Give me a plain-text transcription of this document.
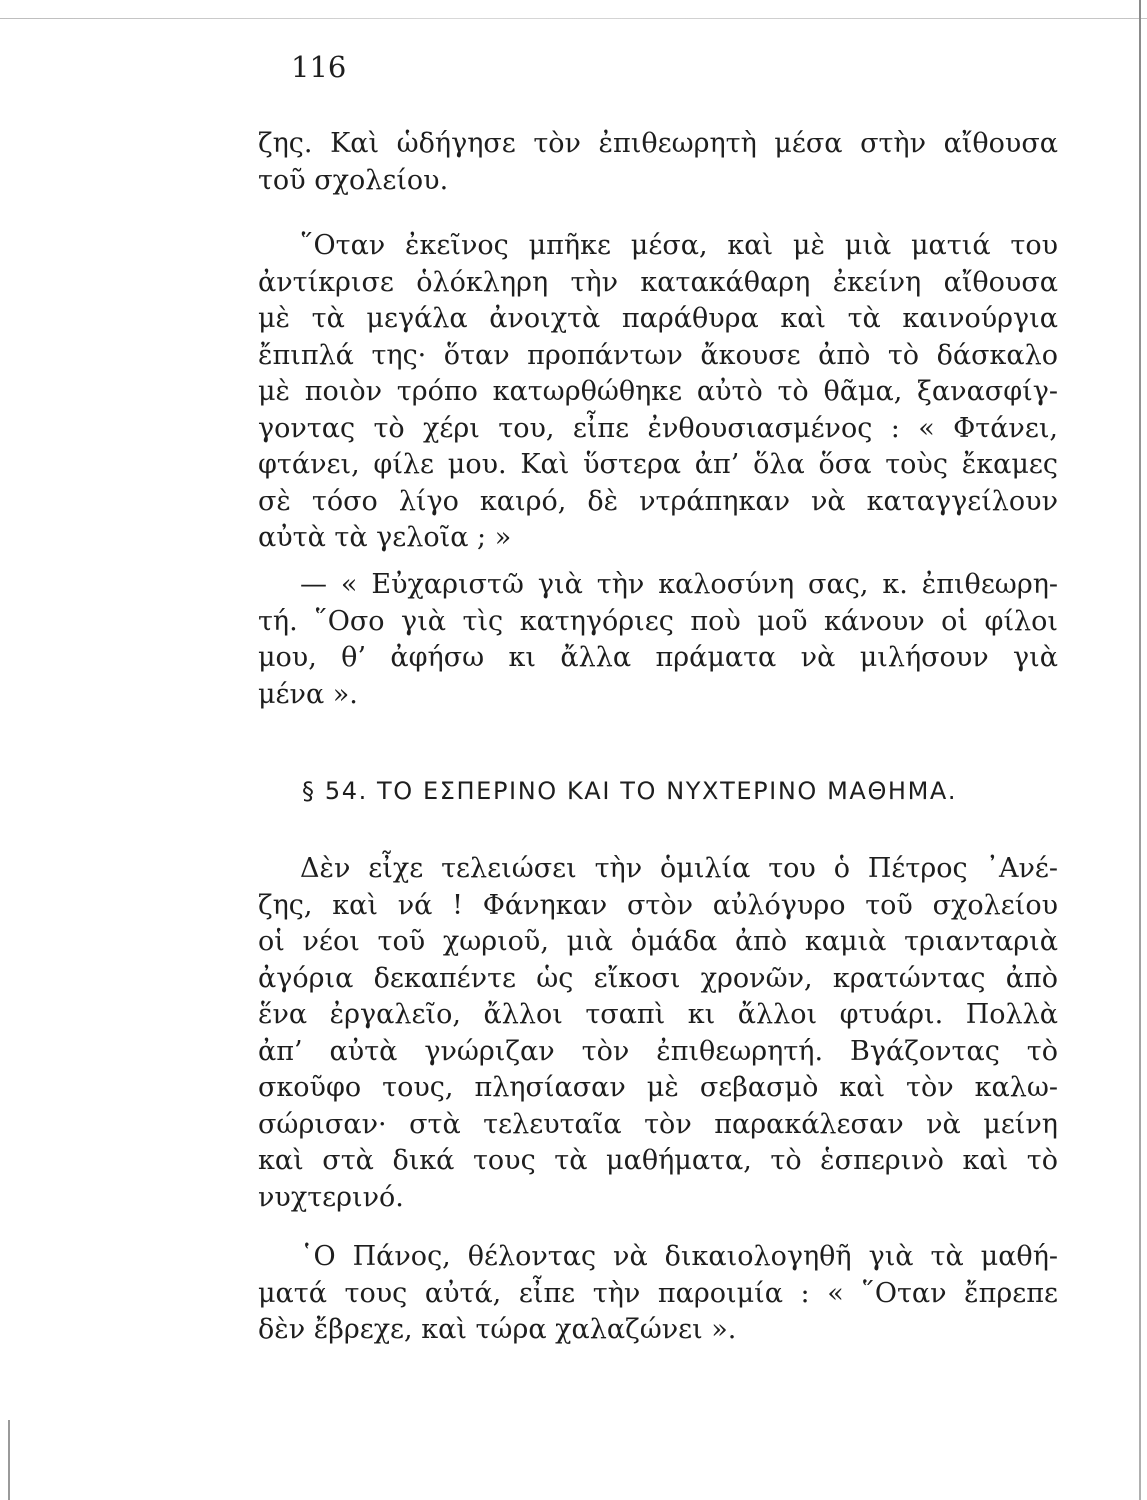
116
ζης. Καὶ ὡδήγησε τὸν ἐπιθεωρητὴ μέσα στὴν αἴθουσα
τοῦ σχολείου.
῞Οταν ἐκεῖνος μπῆκε μέσα, καὶ μὲ μιὰ ματιά του
ἀντίκρισε ὁλόκληρη τὴν κατακάθαρη ἐκείνη αἴθουσα
μὲ τὰ μεγάλα ἀνοιχτὰ παράθυρα καὶ τὰ καινούργια
ἔπιπλά της· ὅταν προπάντων ἄκουσε ἀπὸ τὸ δάσκαλο
μὲ ποιὸν τρόπο κατωρθώθηκε αὐτὸ τὸ θᾶμα, ξανασφίγ-
γοντας τὸ χέρι του, εἶπε ἐνθουσιασμένος : « Φτάνει,
φτάνει, φίλε μου. Καὶ ὕστερα ἀπ’ ὅλα ὅσα τοὺς ἔκαμες
σὲ τόσο λίγο καιρό, δὲ ντράπηκαν νὰ καταγγείλουν
αὐτὰ τὰ γελοῖα ; »
— « Εὐχαριστῶ γιὰ τὴν καλοσύνη σας, κ. ἐπιθεωρη-
τή. ῞Οσο γιὰ τὶς κατηγόριες ποὺ μοῦ κάνουν οἱ φίλοι
μου, θ’ ἀφήσω κι ἄλλα πράματα νὰ μιλήσουν γιὰ
μένα ».
§ 54. ΤΟ ΕΣΠΕΡΙΝΟ ΚΑΙ ΤΟ ΝΥΧΤΕΡΙΝΟ ΜΑΘΗΜΑ.
Δὲν εἶχε τελειώσει τὴν ὁμιλία του ὁ Πέτρος ᾿Ανέ-
ζης, καὶ νά ! Φάνηκαν στὸν αὐλόγυρο τοῦ σχολείου
οἱ νέοι τοῦ χωριοῦ, μιὰ ὁμάδα ἀπὸ καμιὰ τριανταριὰ
ἀγόρια δεκαπέντε ὡς εἴκοσι χρονῶν, κρατώντας ἀπὸ
ἕνα ἐργαλεῖο, ἄλλοι τσαπὶ κι ἄλλοι φτυάρι. Πολλὰ
ἀπ’ αὐτὰ γνώριζαν τὸν ἐπιθεωρητή. Βγάζοντας τὸ
σκοῦφο τους, πλησίασαν μὲ σεβασμὸ καὶ τὸν καλω-
σώρισαν· στὰ τελευταῖα τὸν παρακάλεσαν νὰ μείνη
καὶ στὰ δικά τους τὰ μαθήματα, τὸ ἑσπερινὸ καὶ τὸ
νυχτερινό.
῾Ο Πάνος, θέλοντας νὰ δικαιολογηθῆ γιὰ τὰ μαθή-
ματά τους αὐτά, εἶπε τὴν παροιμία : « ῞Οταν ἔπρεπε
δὲν ἔβρεχε, καὶ τώρα χαλαζώνει ».
